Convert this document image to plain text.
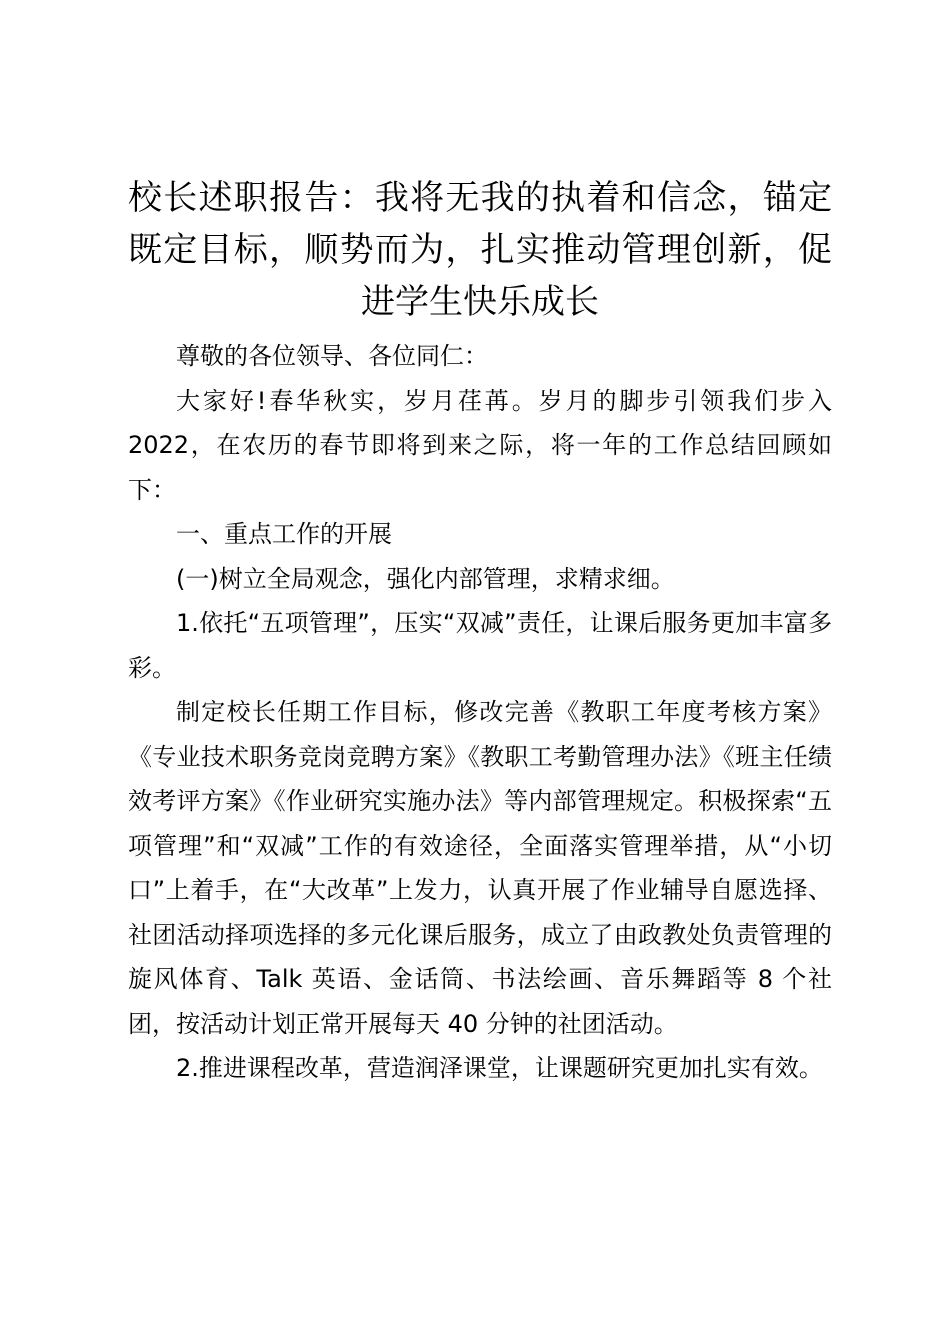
校长述职报告：我将无我的执着和信念，锚定既定目标，顺势而为，扎实推动管理创新，促进学生快乐成长

尊敬的各位领导、各位同仁：

大家好!春华秋实，岁月荏苒。岁月的脚步引领我们步入2022，在农历的春节即将到来之际，将一年的工作总结回顾如下：

一、重点工作的开展

(一)树立全局观念，强化内部管理，求精求细。

1.依托“五项管理”，压实“双减”责任，让课后服务更加丰富多彩。

制定校长任期工作目标，修改完善《教职工年度考核方案》《专业技术职务竞岗竞聘方案》《教职工考勤管理办法》《班主任绩效考评方案》《作业研究实施办法》等内部管理规定。积极探索“五项管理”和“双减”工作的有效途径，全面落实管理举措，从“小切口”上着手，在“大改革”上发力，认真开展了作业辅导自愿选择、社团活动择项选择的多元化课后服务，成立了由政教处负责管理的旋风体育、Talk 英语、金话筒、书法绘画、音乐舞蹈等 8 个社团，按活动计划正常开展每天 40 分钟的社团活动。

2.推进课程改革，营造润泽课堂，让课题研究更加扎实有效。
